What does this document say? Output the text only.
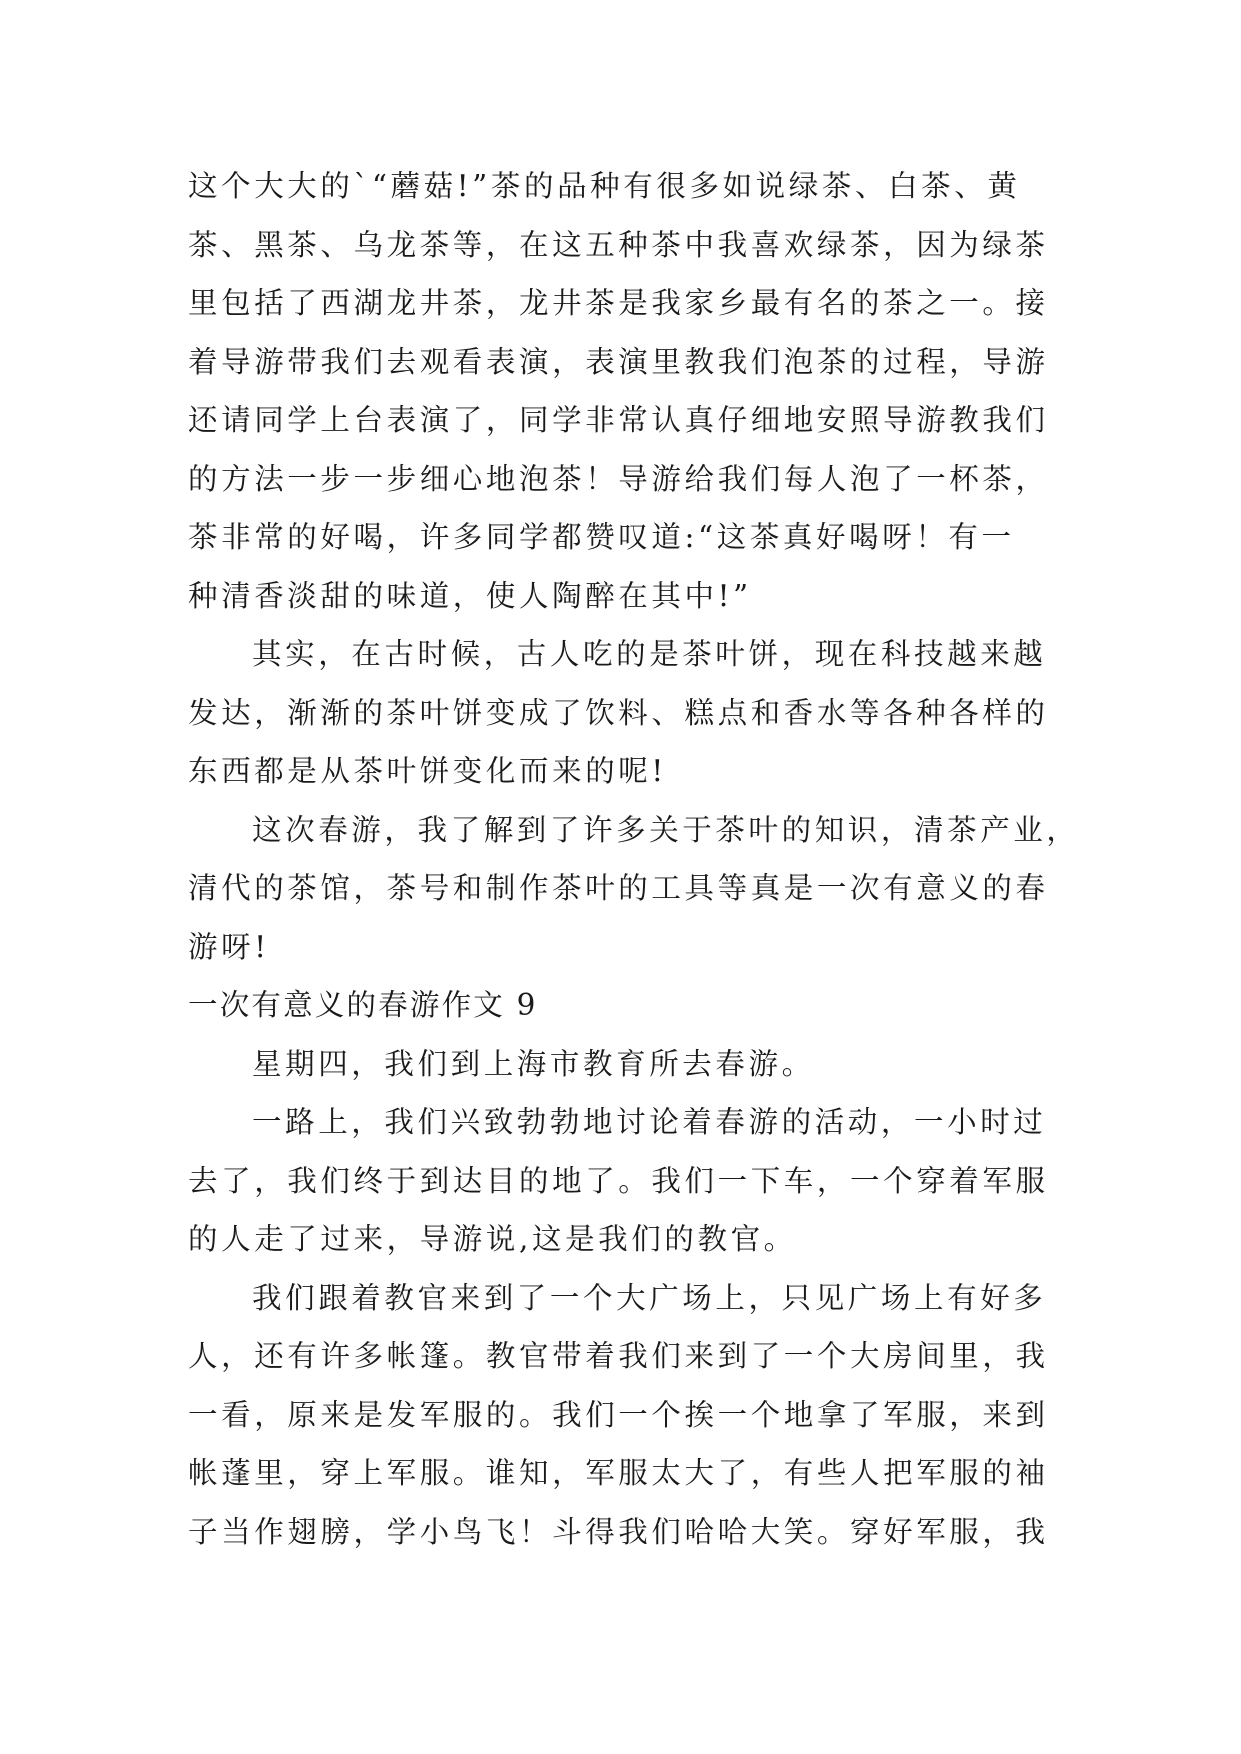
这个大大的`“蘑菇!”茶的品种有很多如说绿茶、白茶、黄
茶、黑茶、乌龙茶等，在这五种茶中我喜欢绿茶，因为绿茶
里包括了西湖龙井茶，龙井茶是我家乡最有名的茶之一。接
着导游带我们去观看表演，表演里教我们泡茶的过程，导游
还请同学上台表演了，同学非常认真仔细地安照导游教我们
的方法一步一步细心地泡茶！导游给我们每人泡了一杯茶，
茶非常的好喝，许多同学都赞叹道:“这茶真好喝呀！有一
种清香淡甜的味道，使人陶醉在其中!”
其实，在古时候，古人吃的是茶叶饼，现在科技越来越
发达，渐渐的茶叶饼变成了饮料、糕点和香水等各种各样的
东西都是从茶叶饼变化而来的呢!
这次春游，我了解到了许多关于茶叶的知识，清茶产业，
清代的茶馆，茶号和制作茶叶的工具等真是一次有意义的春
游呀!
一次有意义的春游作文 9
星期四，我们到上海市教育所去春游。
一路上，我们兴致勃勃地讨论着春游的活动，一小时过
去了，我们终于到达目的地了。我们一下车，一个穿着军服
的人走了过来，导游说,这是我们的教官。
我们跟着教官来到了一个大广场上，只见广场上有好多
人，还有许多帐篷。教官带着我们来到了一个大房间里，我
一看，原来是发军服的。我们一个挨一个地拿了军服，来到
帐蓬里，穿上军服。谁知，军服太大了，有些人把军服的袖
子当作翅膀，学小鸟飞！斗得我们哈哈大笑。穿好军服，我
